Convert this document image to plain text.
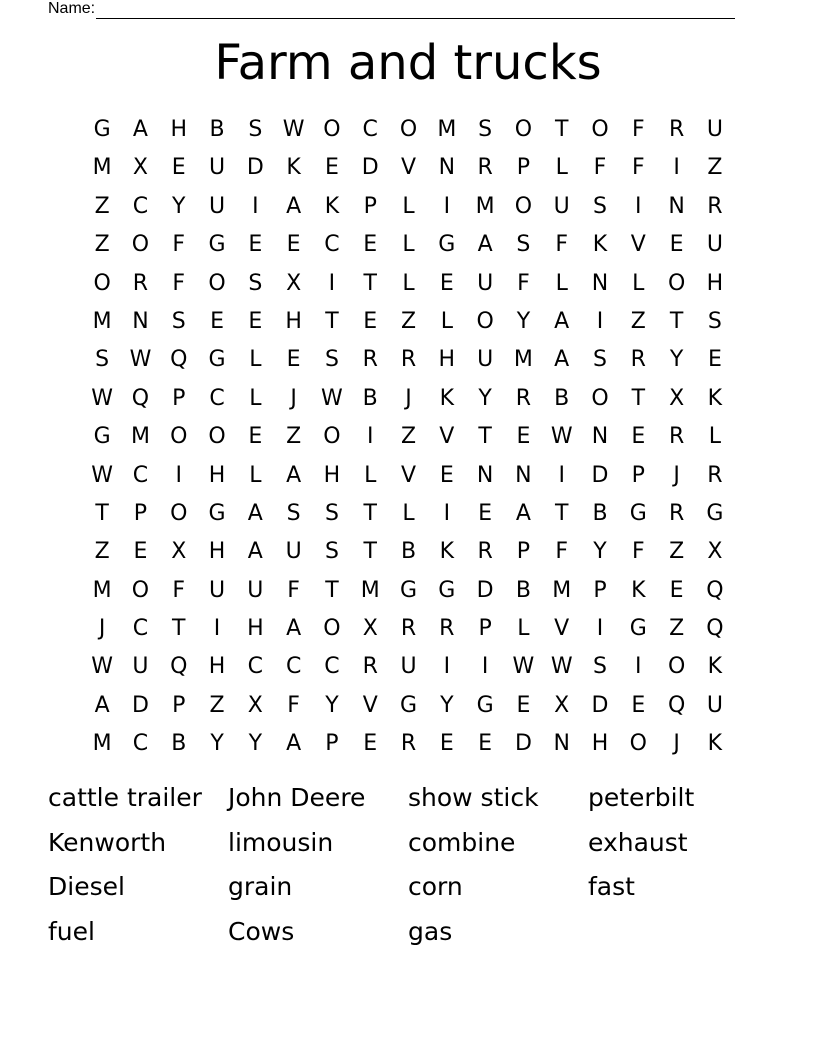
Name:
Farm and trucks
G	A	H	B	S W O C O M S	O	T	O	F	R	U
M X	E	U D	K	E	D	V	N	R	P	L	F	F	I	Z
Z	C	Y	U	I	A	K	P	L	I	M O U	S	I	N	R
Z	O	F	G	E	E	C	E	L	G	A	S	F	K	V	E	U
O R	F	O	S	X	I	T	L	E	U	F	L	N	L	O H
M N	S	E	E	H	T	E	Z	L	O	Y	A	I	Z	T	S
S W Q G	L	E	S	R	R	H U M A	S	R	Y	E
W Q	P	C	L	J	W B	J	K	Y	R	B	O	T	X	K
G M O O	E	Z	O	I	Z	V	T	E W N	E	R	L
W C	I	H	L	A	H	L	V	E	N N	I	D	P	J	R
T	P	O G	A	S	S	T	L	I	E	A	T	B	G	R	G
Z	E	X	H	A	U	S	T	B	K	R	P	F	Y	F	Z	X
M O	F	U	U	F	T	M G G D	B M	P	K	E	Q
J	C	T	I	H	A	O	X	R	R	P	L	V	I	G	Z	Q
W U Q H	C	C	C	R	U	I	I	W W S	I	O	K
A	D	P	Z	X	F	Y	V	G	Y	G	E	X	D	E	Q U
M C	B	Y	Y	A	P	E	R	E	E	D N H O	J	K
cattle trailer	John Deere	show stick	peterbilt
Kenworth	limousin	combine	exhaust
Diesel	grain	corn	fast
fuel	Cows	gas
